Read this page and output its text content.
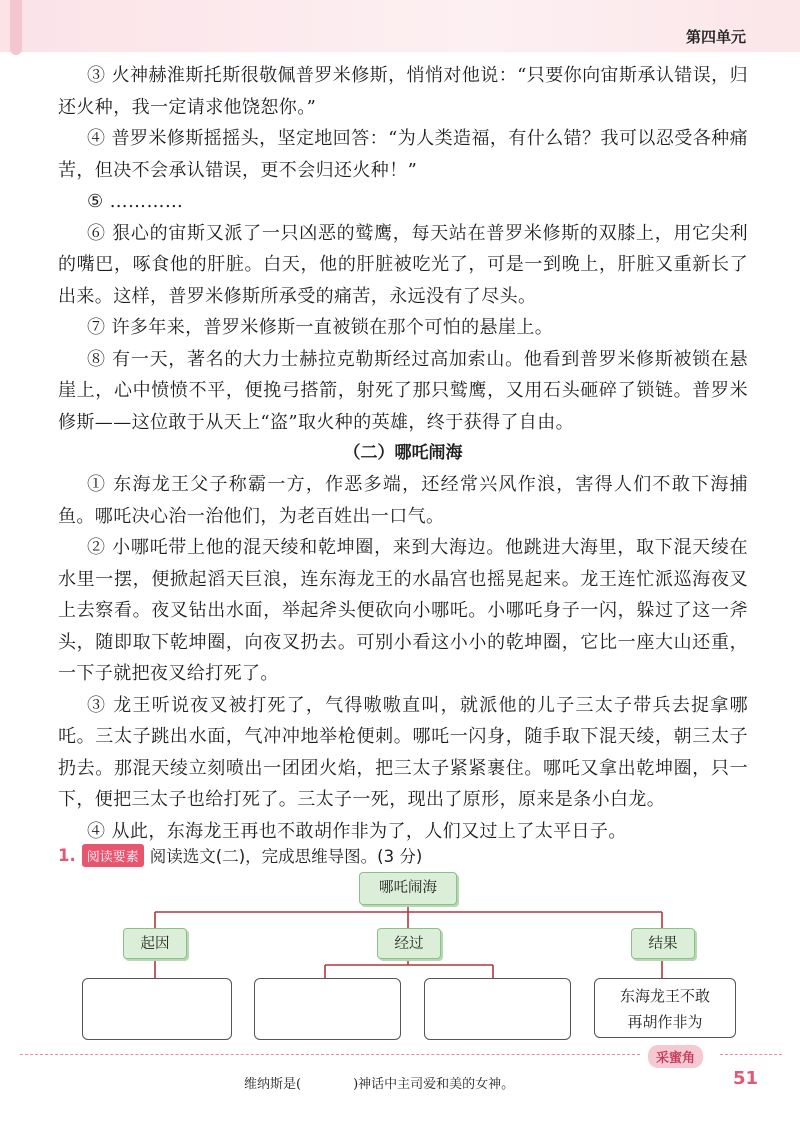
第四单元

③ 火神赫淮斯托斯很敬佩普罗米修斯，悄悄对他说：“只要你向宙斯承认错误，归还火种，我一定请求他饶恕你。”

④ 普罗米修斯摇摇头，坚定地回答：“为人类造福，有什么错？我可以忍受各种痛苦，但决不会承认错误，更不会归还火种！”

⑤ …………

⑥ 狠心的宙斯又派了一只凶恶的鹫鹰，每天站在普罗米修斯的双膝上，用它尖利的嘴巴，啄食他的肝脏。白天，他的肝脏被吃光了，可是一到晚上，肝脏又重新长了出来。这样，普罗米修斯所承受的痛苦，永远没有了尽头。

⑦ 许多年来，普罗米修斯一直被锁在那个可怕的悬崖上。

⑧ 有一天，著名的大力士赫拉克勒斯经过高加索山。他看到普罗米修斯被锁在悬崖上，心中愤愤不平，便挽弓搭箭，射死了那只鹫鹰，又用石头砸碎了锁链。普罗米修斯——这位敢于从天上“盗”取火种的英雄，终于获得了自由。

（二）哪吒闹海

① 东海龙王父子称霸一方，作恶多端，还经常兴风作浪，害得人们不敢下海捕鱼。哪吒决心治一治他们，为老百姓出一口气。

② 小哪吒带上他的混天绫和乾坤圈，来到大海边。他跳进大海里，取下混天绫在水里一摆，便掀起滔天巨浪，连东海龙王的水晶宫也摇晃起来。龙王连忙派巡海夜叉上去察看。夜叉钻出水面，举起斧头便砍向小哪吒。小哪吒身子一闪，躲过了这一斧头，随即取下乾坤圈，向夜叉扔去。可别小看这小小的乾坤圈，它比一座大山还重，一下子就把夜叉给打死了。

③ 龙王听说夜叉被打死了，气得嗷嗷直叫，就派他的儿子三太子带兵去捉拿哪吒。三太子跳出水面，气冲冲地举枪便刺。哪吒一闪身，随手取下混天绫，朝三太子扔去。那混天绫立刻喷出一团团火焰，把三太子紧紧裹住。哪吒又拿出乾坤圈，只一下，便把三太子也给打死了。三太子一死，现出了原形，原来是条小白龙。

④ 从此，东海龙王再也不敢胡作非为了，人们又过上了太平日子。

1. 阅读要素 阅读选文(二)，完成思维导图。(3 分)
哪吒闹海
起因	经过	结果
东海龙王不敢
再胡作非为
采蜜角
维纳斯是(　　　　)神话中主司爱和美的女神。	51
